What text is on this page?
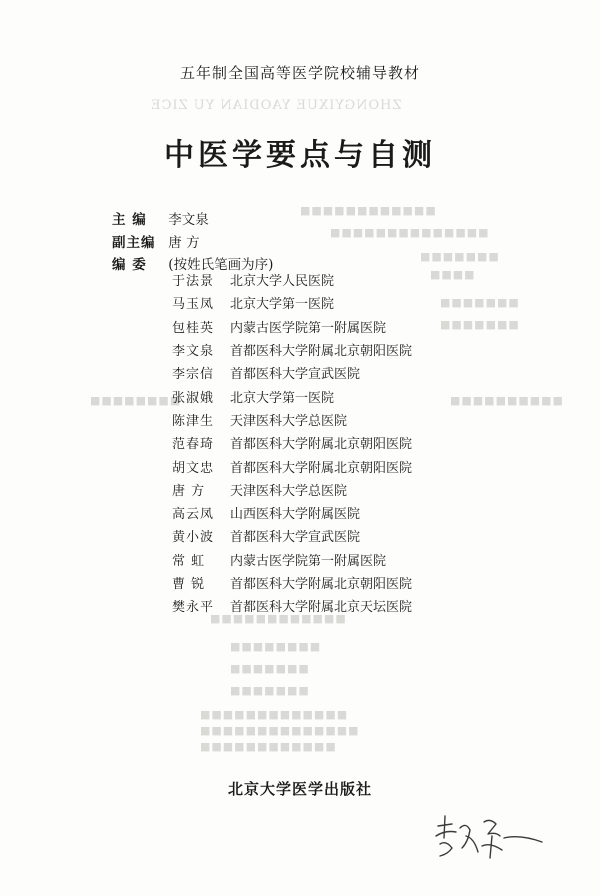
ZHONGYIXUE YAODIAN YU ZICE
■■■■■■■■■■■■
■■■■■■■■■■■■■■
■■■■■■■
■■■■
■■■■■■■
■■■■■■■
■■■■■■■■	■■■■■■■■■■
■■■■■■■■■■■■
■■■■■■■■
■■■■■■■
■■■■■■■
■■■■■■■■■■■■■
■■■■■■■■■■■■■■
■■■■■■■■■■■■
五年制全国高等医学院校辅导教材
中医学要点与自测
主 编 李文泉
副主编 唐 方
编 委 (按姓氏笔画为序)
于法景	北京大学人民医院
马玉凤	北京大学第一医院
包桂英	内蒙古医学院第一附属医院
李文泉	首都医科大学附属北京朝阳医院
李宗信	首都医科大学宣武医院
张淑娥	北京大学第一医院
陈津生	天津医科大学总医院
范春琦	首都医科大学附属北京朝阳医院
胡文忠	首都医科大学附属北京朝阳医院
唐 方	天津医科大学总医院
高云凤	山西医科大学附属医院
黄小波	首都医科大学宣武医院
常 虹	内蒙古医学院第一附属医院
曹 锐	首都医科大学附属北京朝阳医院
樊永平	首都医科大学附属北京天坛医院
北京大学医学出版社
